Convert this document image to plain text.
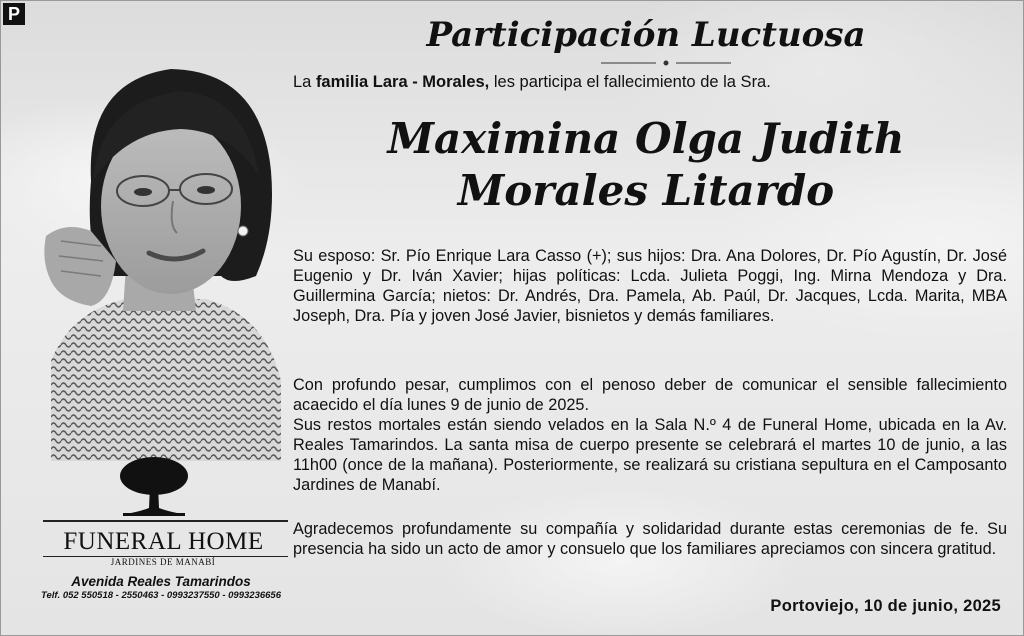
P
FUNERAL HOME
JARDINES DE MANABÍ
Avenida Reales Tamarindos
Telf. 052 550518 - 2550463 - 0993237550 - 0993236656
Participación Luctuosa
La familia Lara - Morales, les participa el fallecimiento de la Sra.
Maximina Olga Judith
Morales Litardo
Su esposo: Sr. Pío Enrique Lara Casso (+); sus hijos: Dra. Ana Dolores, Dr. Pío Agustín, Dr. José Eugenio y Dr. Iván Xavier; hijas políticas: Lcda. Julieta Poggi, Ing. Mirna Mendoza y Dra. Guillermina García; nietos: Dr. Andrés, Dra. Pamela, Ab. Paúl, Dr. Jacques, Lcda. Marita, MBA Joseph, Dra. Pía y joven José Javier, bisnietos y demás familiares.
Con profundo pesar, cumplimos con el penoso deber de comunicar el sensible fallecimiento acaecido el día lunes 9 de junio de 2025.
Sus restos mortales están siendo velados en la Sala N.º 4 de Funeral Home, ubicada en la Av. Reales Tamarindos. La santa misa de cuerpo presente se celebrará el martes 10 de junio, a las 11h00 (once de la mañana). Posteriormente, se realizará su cristiana sepultura en el Camposanto Jardines de Manabí.
Agradecemos profundamente su compañía y solidaridad durante estas ceremonias de fe. Su presencia ha sido un acto de amor y consuelo que los familiares apreciamos con sincera gratitud.
Portoviejo, 10 de junio, 2025
